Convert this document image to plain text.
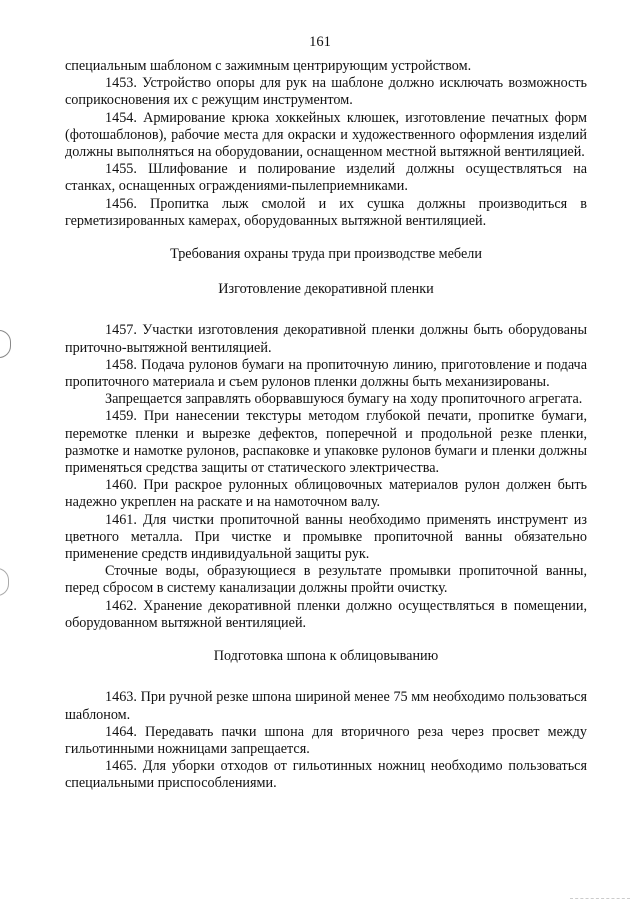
161

специальным шаблоном с зажимным центрирующим устройством.

1453. Устройство опоры для рук на шаблоне должно исключать возможность соприкосновения их с режущим инструментом.

1454. Армирование крюка хоккейных клюшек, изготовление печатных форм (фотошаблонов), рабочие места для окраски и художественного оформления изделий должны выполняться на оборудовании, оснащенном местной вытяжной вентиляцией.

1455. Шлифование и полирование изделий должны осуществляться на станках, оснащенных ограждениями-пылеприемниками.

1456. Пропитка лыж смолой и их сушка должны производиться в герметизированных камерах, оборудованных вытяжной вентиляцией.

Требования охраны труда при производстве мебели

Изготовление декоративной пленки

1457. Участки изготовления декоративной пленки должны быть оборудованы приточно-вытяжной вентиляцией.

1458. Подача рулонов бумаги на пропиточную линию, приготовление и подача пропиточного материала и съем рулонов пленки должны быть механизированы.

Запрещается заправлять оборвавшуюся бумагу на ходу пропиточного агрегата.

1459. При нанесении текстуры методом глубокой печати, пропитке бумаги, перемотке пленки и вырезке дефектов, поперечной и продольной резке пленки, размотке и намотке рулонов, распаковке и упаковке рулонов бумаги и пленки должны применяться средства защиты от статического электричества.

1460. При раскрое рулонных облицовочных материалов рулон должен быть надежно укреплен на раскате и на намоточном валу.

1461. Для чистки пропиточной ванны необходимо применять инструмент из цветного металла. При чистке и промывке пропиточной ванны обязательно применение средств индивидуальной защиты рук.

Сточные воды, образующиеся в результате промывки пропиточной ванны, перед сбросом в систему канализации должны пройти очистку.

1462. Хранение декоративной пленки должно осуществляться в помещении, оборудованном вытяжной вентиляцией.

Подготовка шпона к облицовыванию

1463. При ручной резке шпона шириной менее 75 мм необходимо пользоваться шаблоном.

1464. Передавать пачки шпона для вторичного реза через просвет между гильотинными ножницами запрещается.

1465. Для уборки отходов от гильотинных ножниц необходимо пользоваться специальными приспособлениями.
